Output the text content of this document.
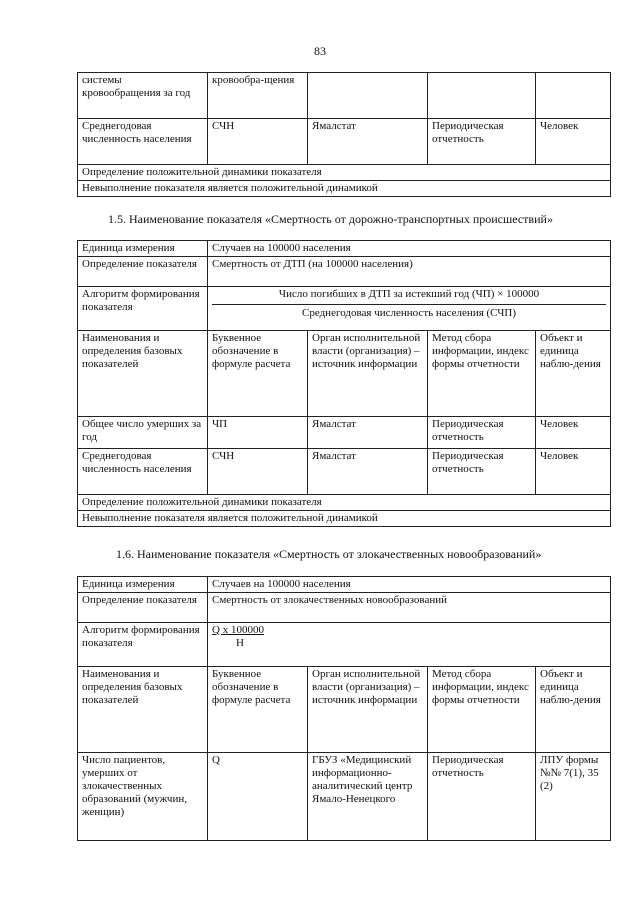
83
системы кровообращения за год	кровообра-щения			
Среднегодовая численность населения	СЧН	Ямалстат	Периодическая отчетность	Человек
Определение положительной динамики показателя				
Невыполнение показателя является положительной динамикой				
1.5. Наименование показателя «Смертность от дорожно-транспортных происшествий»
Единица измерения	Случаев на 100000 населения			
Определение показателя	Смертность от ДТП (на 100000 населения)			
Алгоритм формирования показателя	Число погибших в ДТП за истекший год (ЧП) × 100000
Среднегодовая численность населения (СЧП)			

Наименования и определения базовых показателей	Буквенное обозначение в формуле расчета	Орган исполнительной власти (организация) – источник информации	Метод сбора информации, индекс формы отчетности	Объект и единица наблю-дения
Общее число умерших за год	ЧП	Ямалстат	Периодическая отчетность	Человек
Среднегодовая численность населения	СЧН	Ямалстат	Периодическая отчетность	Человек
Определение положительной динамики показателя				
Невыполнение показателя является положительной динамикой				
1.6. Наименование показателя «Смертность от злокачественных новообразований»
Единица измерения	Случаев на 100000 населения			
Определение показателя	Смертность от злокачественных новообразований			
Алгоритм формирования показателя	Q x 100000
Н			

Наименования и определения базовых показателей	Буквенное обозначение в формуле расчета	Орган исполнительной власти (организация) – источник информации	Метод сбора информации, индекс формы отчетности	Объект и единица наблю-дения
Число пациентов, умерших от злокачественных образований (мужчин, женщин)	Q	ГБУЗ «Медицинский информационно-аналитический центр Ямало-Ненецкого	Периодическая отчетность	ЛПУ формы №№ 7(1), 35 (2)
